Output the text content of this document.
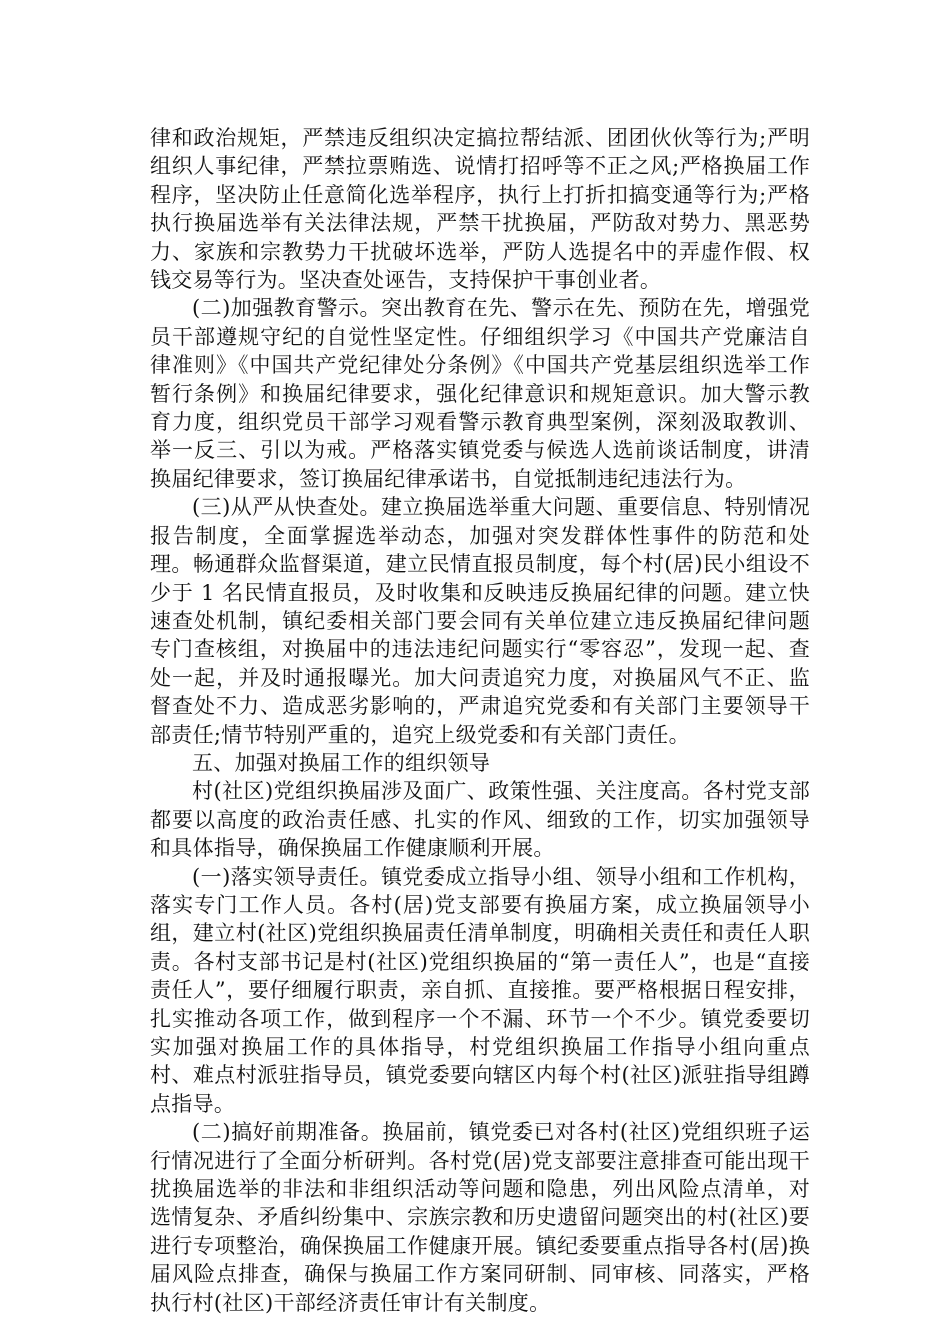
律和政治规矩，严禁违反组织决定搞拉帮结派、团团伙伙等行为;严明组织人事纪律，严禁拉票贿选、说情打招呼等不正之风;严格换届工作程序，坚决防止任意简化选举程序，执行上打折扣搞变通等行为;严格执行换届选举有关法律法规，严禁干扰换届，严防敌对势力、黑恶势力、家族和宗教势力干扰破坏选举，严防人选提名中的弄虚作假、权钱交易等行为。坚决查处诬告，支持保护干事创业者。

(二)加强教育警示。突出教育在先、警示在先、预防在先，增强党员干部遵规守纪的自觉性坚定性。仔细组织学习《中国共产党廉洁自律准则》《中国共产党纪律处分条例》《中国共产党基层组织选举工作暂行条例》和换届纪律要求，强化纪律意识和规矩意识。加大警示教育力度，组织党员干部学习观看警示教育典型案例，深刻汲取教训、举一反三、引以为戒。严格落实镇党委与候选人选前谈话制度，讲清换届纪律要求，签订换届纪律承诺书，自觉抵制违纪违法行为。

(三)从严从快查处。建立换届选举重大问题、重要信息、特别情况报告制度，全面掌握选举动态，加强对突发群体性事件的防范和处理。畅通群众监督渠道，建立民情直报员制度，每个村(居)民小组设不少于 1 名民情直报员，及时收集和反映违反换届纪律的问题。建立快速查处机制，镇纪委相关部门要会同有关单位建立违反换届纪律问题专门查核组，对换届中的违法违纪问题实行“零容忍”，发现一起、查处一起，并及时通报曝光。加大问责追究力度，对换届风气不正、监督查处不力、造成恶劣影响的，严肃追究党委和有关部门主要领导干部责任;情节特别严重的，追究上级党委和有关部门责任。

五、加强对换届工作的组织领导

村(社区)党组织换届涉及面广、政策性强、关注度高。各村党支部都要以高度的政治责任感、扎实的作风、细致的工作，切实加强领导和具体指导，确保换届工作健康顺利开展。

(一)落实领导责任。镇党委成立指导小组、领导小组和工作机构，落实专门工作人员。各村(居)党支部要有换届方案，成立换届领导小组，建立村(社区)党组织换届责任清单制度，明确相关责任和责任人职责。各村支部书记是村(社区)党组织换届的“第一责任人”，也是“直接责任人”，要仔细履行职责，亲自抓、直接推。要严格根据日程安排，扎实推动各项工作，做到程序一个不漏、环节一个不少。镇党委要切实加强对换届工作的具体指导，村党组织换届工作指导小组向重点村、难点村派驻指导员，镇党委要向辖区内每个村(社区)派驻指导组蹲点指导。

(二)搞好前期准备。换届前，镇党委已对各村(社区)党组织班子运行情况进行了全面分析研判。各村党(居)党支部要注意排查可能出现干扰换届选举的非法和非组织活动等问题和隐患，列出风险点清单，对选情复杂、矛盾纠纷集中、宗族宗教和历史遗留问题突出的村(社区)要进行专项整治，确保换届工作健康开展。镇纪委要重点指导各村(居)换届风险点排查，确保与换届工作方案同研制、同审核、同落实，严格执行村(社区)干部经济责任审计有关制度。
